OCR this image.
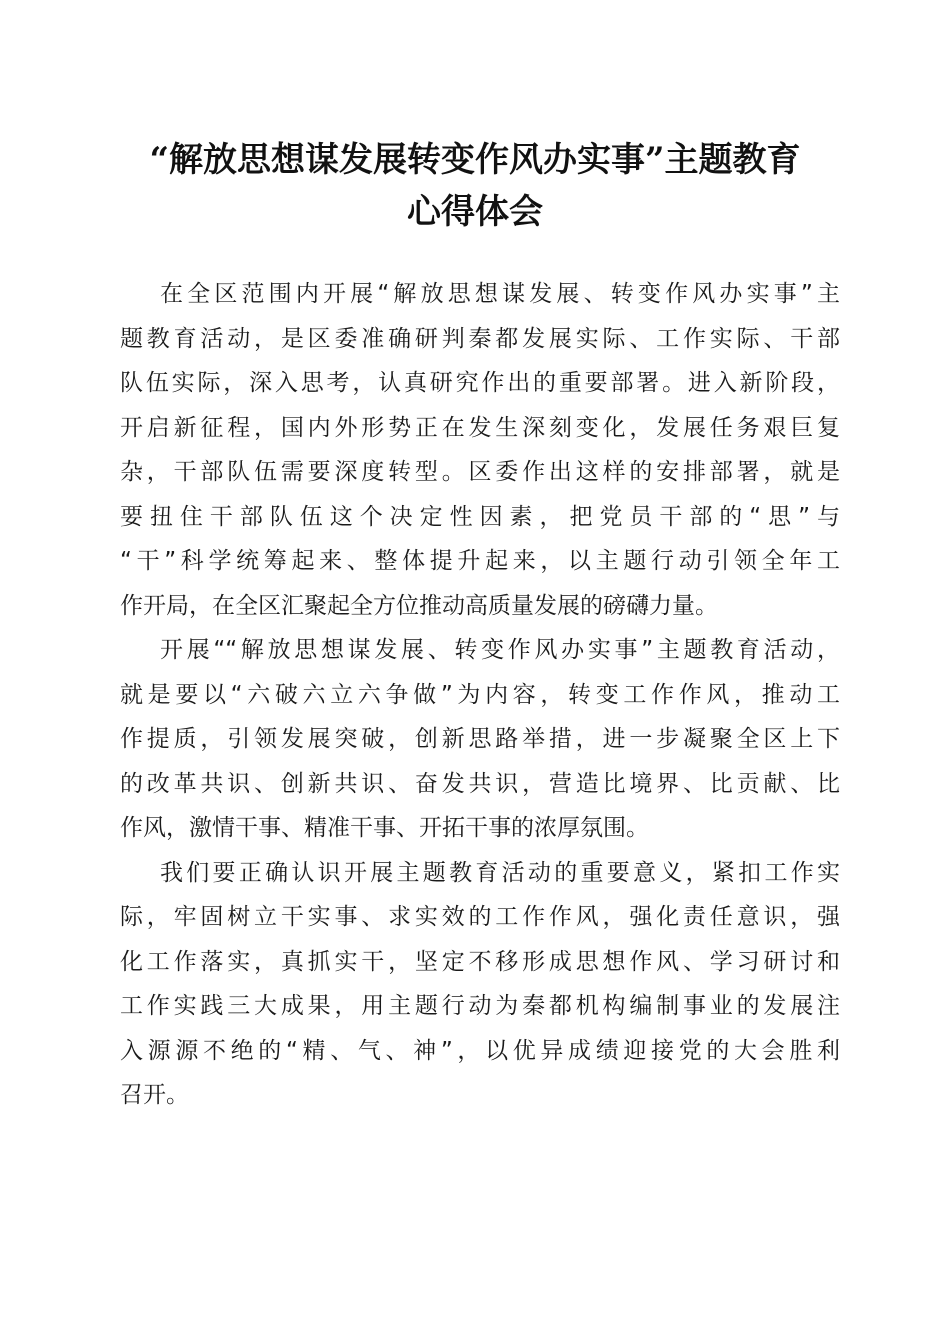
“解放思想谋发展转变作风办实事”主题教育
心得体会
在全区范围内开展“解放思想谋发展、转变作风办实事”主
题教育活动，是区委准确研判秦都发展实际、工作实际、干部
队伍实际，深入思考，认真研究作出的重要部署。进入新阶段，
开启新征程，国内外形势正在发生深刻变化，发展任务艰巨复
杂，干部队伍需要深度转型。区委作出这样的安排部署，就是
要扭住干部队伍这个决定性因素，把党员干部的“思”与
“干”科学统筹起来、整体提升起来，以主题行动引领全年工
作开局，在全区汇聚起全方位推动高质量发展的磅礴力量。
开展““解放思想谋发展、转变作风办实事”主题教育活动，
就是要以“六破六立六争做”为内容，转变工作作风，推动工
作提质，引领发展突破，创新思路举措，进一步凝聚全区上下
的改革共识、创新共识、奋发共识，营造比境界、比贡献、比
作风，激情干事、精准干事、开拓干事的浓厚氛围。
我们要正确认识开展主题教育活动的重要意义，紧扣工作实
际，牢固树立干实事、求实效的工作作风，强化责任意识，强
化工作落实，真抓实干，坚定不移形成思想作风、学习研讨和
工作实践三大成果，用主题行动为秦都机构编制事业的发展注
入源源不绝的“精、气、神”，以优异成绩迎接党的大会胜利
召开。
